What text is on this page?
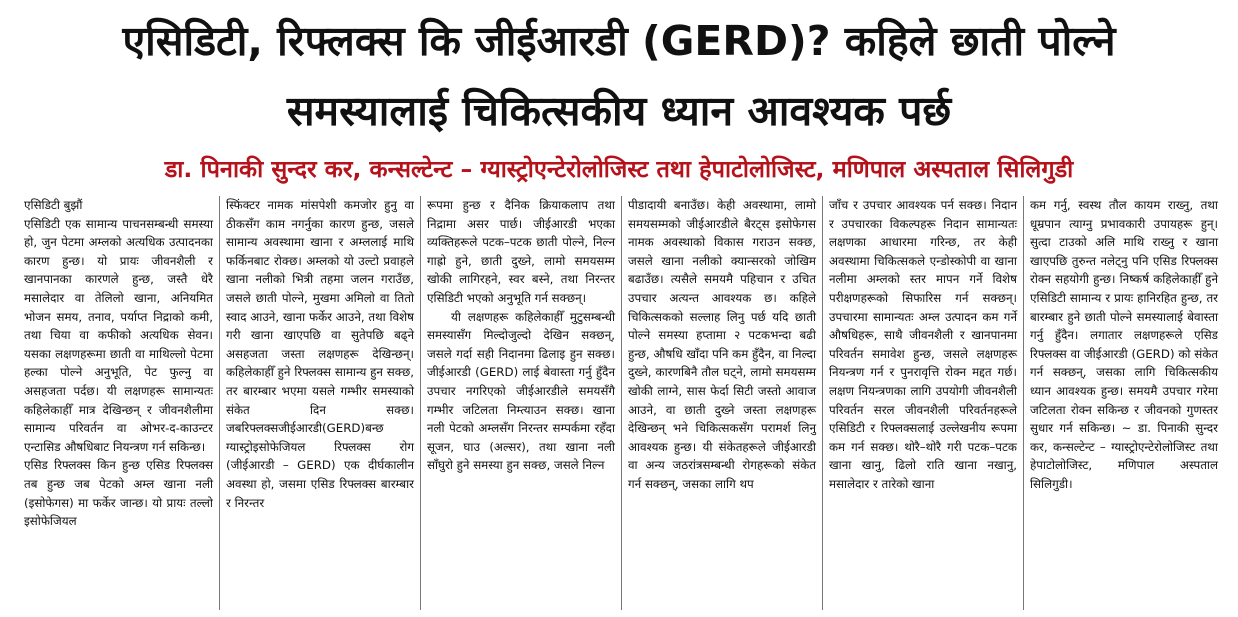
एसिडिटी, रिफ्लक्स कि जीईआरडी (GERD)? कहिले छाती पोल्ने
समस्यालाई चिकित्सकीय ध्यान आवश्यक पर्छ
डा. पिनाकी सुन्दर कर, कन्सल्टेन्ट – ग्यास्ट्रोएन्टेरोलोजिस्ट तथा हेपाटोलोजिस्ट, मणिपाल अस्पताल सिलिगुडी

एसिडिटी बुझौं

एसिडिटी एक सामान्य पाचनसम्बन्धी समस्या हो, जुन पेटमा अम्लको अत्यधिक उत्पादनका कारण हुन्छ। यो प्रायः जीवनशैली र खानपानका कारणले हुन्छ, जस्तै धेरै मसालेदार वा तेलिलो खाना, अनियमित भोजन समय, तनाव, पर्याप्त निद्राको कमी, तथा चिया वा कफीको अत्यधिक सेवन। यसका लक्षणहरूमा छाती वा माथिल्लो पेटमा हल्का पोल्ने अनुभूति, पेट फुल्नु वा असहजता पर्दछ। यी लक्षणहरू सामान्यतः कहिलेकाहीँ मात्र देखिन्छन् र जीवनशैलीमा सामान्य परिवर्तन वा ओभर-द-काउन्टर एन्टासिड औषधिबाट नियन्त्रण गर्न सकिन्छ।

एसिड रिफ्लक्स किन हुन्छ एसिड रिफ्लक्स तब हुन्छ जब पेटको अम्ल खाना नली (इसोफेगस) मा फर्केर जान्छ। यो प्रायः तल्लो इसोफेजियल

स्फिंक्टर नामक मांसपेशी कमजोर हुनु वा ठीकसँग काम नगर्नुका कारण हुन्छ, जसले सामान्य अवस्थामा खाना र अम्ललाई माथि फर्किनबाट रोक्छ। अम्लको यो उल्टो प्रवाहले खाना नलीको भित्री तहमा जलन गराउँछ, जसले छाती पोल्ने, मुखमा अमिलो वा तितो स्वाद आउने, खाना फर्केर आउने, तथा विशेष गरी खाना खाएपछि वा सुतेपछि बढ्ने असहजता जस्ता लक्षणहरू देखिन्छन्। कहिलेकाहीँ हुने रिफ्लक्स सामान्य हुन सक्छ, तर बारम्बार भएमा यसले गम्भीर समस्याको संकेत दिन सक्छ। जबरिफ्लक्सजीईआरडी(GERD)बन्छ ग्यास्ट्रोइसोफेजियल रिफ्लक्स रोग (जीईआरडी – GERD) एक दीर्घकालीन अवस्था हो, जसमा एसिड रिफ्लक्स बारम्बार र निरन्तर

रूपमा हुन्छ र दैनिक क्रियाकलाप तथा निद्रामा असर पार्छ। जीईआरडी भएका व्यक्तिहरूले पटक–पटक छाती पोल्ने, निल्न गाह्रो हुने, छाती दुख्ने, लामो समयसम्म खोकी लागिरहने, स्वर बस्ने, तथा निरन्तर एसिडिटी भएको अनुभूति गर्न सक्छन्।

यी लक्षणहरू कहिलेकाहीँ मुटुसम्बन्धी समस्यासँग मिल्दोजुल्दो देखिन सक्छन्, जसले गर्दा सही निदानमा ढिलाइ हुन सक्छ। जीईआरडी (GERD) लाई बेवास्ता गर्नु हुँदैन उपचार नगरिएको जीईआरडीले समयसँगै गम्भीर जटिलता निम्त्याउन सक्छ। खाना नली पेटको अम्लसँग निरन्तर सम्पर्कमा रहँदा सूजन, घाउ (अल्सर), तथा खाना नली साँघुरो हुने समस्या हुन सक्छ, जसले निल्न

पीडादायी बनाउँछ। केही अवस्थामा, लामो समयसम्मको जीईआरडीले बैरट्स इसोफेगस नामक अवस्थाको विकास गराउन सक्छ, जसले खाना नलीको क्यान्सरको जोखिम बढाउँछ। त्यसैले समयमै पहिचान र उचित उपचार अत्यन्त आवश्यक छ। कहिले चिकित्सकको सल्लाह लिनु पर्छ यदि छाती पोल्ने समस्या हप्तामा २ पटकभन्दा बढी हुन्छ, औषधि खाँदा पनि कम हुँदैन, वा निल्दा दुख्ने, कारणबिनै तौल घट्ने, लामो समयसम्म खोकी लाग्ने, सास फेर्दा सिटी जस्तो आवाज आउने, वा छाती दुख्ने जस्ता लक्षणहरू देखिन्छन् भने चिकित्सकसँग परामर्श लिनु आवश्यक हुन्छ। यी संकेतहरूले जीईआरडी वा अन्य जठरांत्रसम्बन्धी रोगहरूको संकेत गर्न सक्छन्, जसका लागि थप

जाँच र उपचार आवश्यक पर्न सक्छ। निदान र उपचारका विकल्पहरू निदान सामान्यतः लक्षणका आधारमा गरिन्छ, तर केही अवस्थामा चिकित्सकले एन्डोस्कोपी वा खाना नलीमा अम्लको स्तर मापन गर्ने विशेष परीक्षणहरूको सिफारिस गर्न सक्छन्। उपचारमा सामान्यतः अम्ल उत्पादन कम गर्ने औषधिहरू, साथै जीवनशैली र खानपानमा परिवर्तन समावेश हुन्छ, जसले लक्षणहरू नियन्त्रण गर्न र पुनरावृत्ति रोक्न मद्दत गर्छ। लक्षण नियन्त्रणका लागि उपयोगी जीवनशैली परिवर्तन सरल जीवनशैली परिवर्तनहरूले एसिडिटी र रिफ्लक्सलाई उल्लेखनीय रूपमा कम गर्न सक्छ। थोरै–थोरै गरी पटक–पटक खाना खानु, ढिलो राति खाना नखानु, मसालेदार र तारेको खाना

कम गर्नु, स्वस्थ तौल कायम राख्नु, तथा धूम्रपान त्याग्नु प्रभावकारी उपायहरू हुन्। सुत्दा टाउको अलि माथि राख्नु र खाना खाएपछि तुरुन्त नलेट्नु पनि एसिड रिफ्लक्स रोक्न सहयोगी हुन्छ। निष्कर्ष कहिलेकाहीँ हुने एसिडिटी सामान्य र प्रायः हानिरहित हुन्छ, तर बारम्बार हुने छाती पोल्ने समस्यालाई बेवास्ता गर्नु हुँदैन। लगातार लक्षणहरूले एसिड रिफ्लक्स वा जीईआरडी (GERD) को संकेत गर्न सक्छन्, जसका लागि चिकित्सकीय ध्यान आवश्यक हुन्छ। समयमै उपचार गरेमा जटिलता रोक्न सकिन्छ र जीवनको गुणस्तर सुधार गर्न सकिन्छ। ~ डा. पिनाकी सुन्दर कर, कन्सल्टेन्ट – ग्यास्ट्रोएन्टेरोलोजिस्ट तथा हेपाटोलोजिस्ट, मणिपाल अस्पताल सिलिगुडी।
